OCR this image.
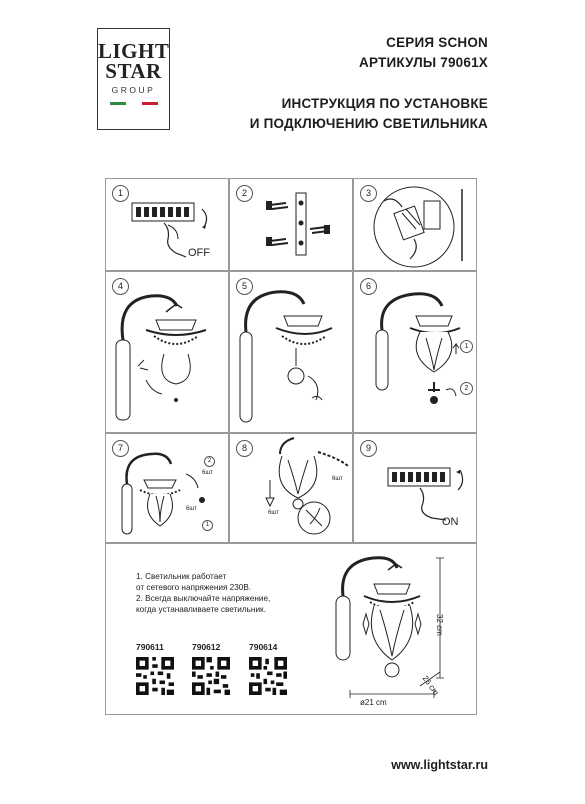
LIGHT
STAR
GROUP
СЕРИЯ SCHON
АРТИКУЛЫ 79061X
ИНСТРУКЦИЯ ПО УСТАНОВКЕ
И ПОДКЛЮЧЕНИЮ СВЕТИЛЬНИКА
1
OFF
2	3
4	5	6
1
2
7
6шт
6шт
2
1
8
6шт
6шт
9
ON
1. Светильник работает
от сетевого напряжения 230В.
2. Всегда выключайте напряжение,
когда устанавливаете светильник.
790611	790612	790614
32 cm
26 cm
ø21 cm
www.lightstar.ru
